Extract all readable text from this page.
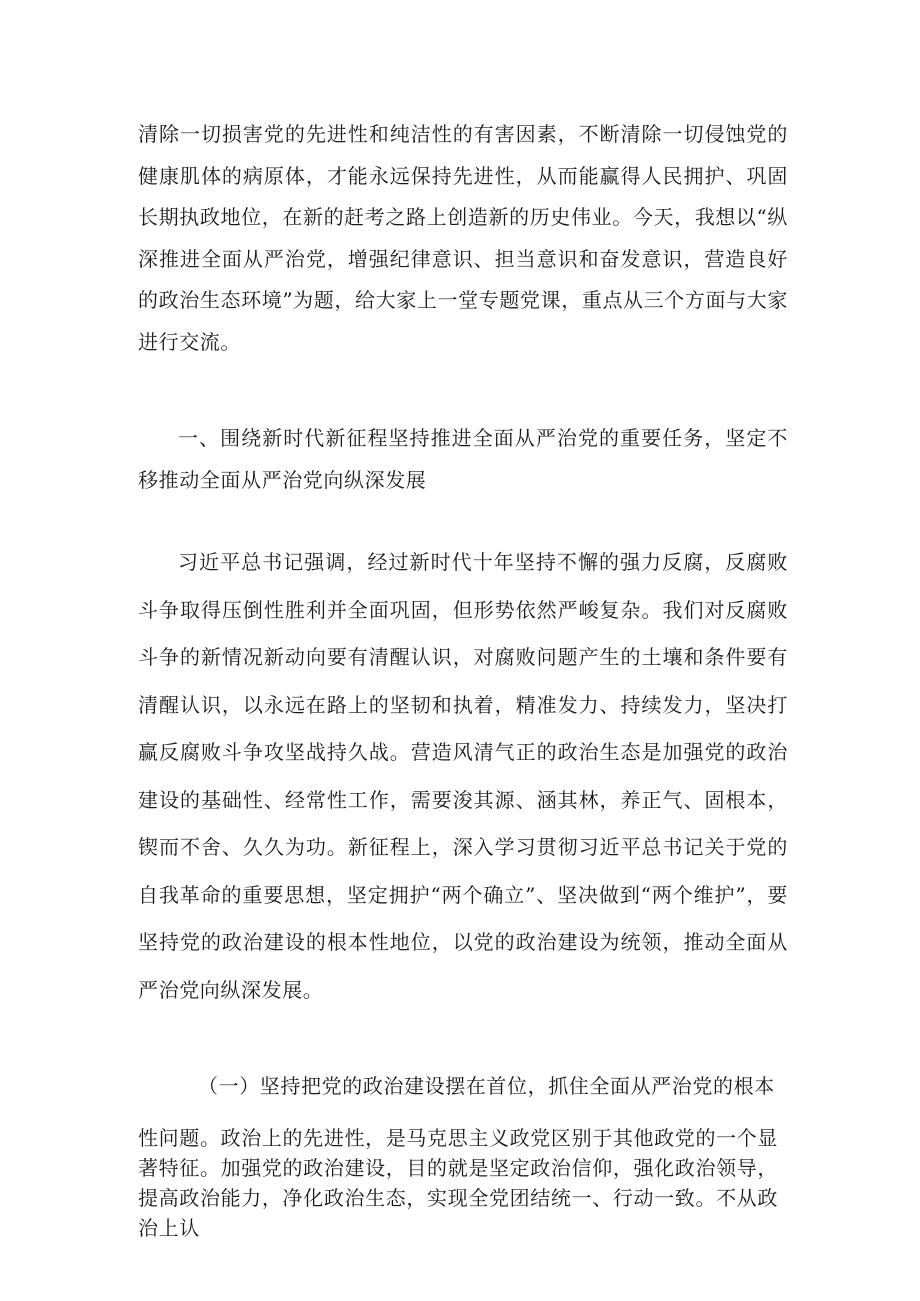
清除一切损害党的先进性和纯洁性的有害因素，不断清除一切侵蚀党的健康肌体的病原体，才能永远保持先进性，从而能赢得人民拥护、巩固长期执政地位，在新的赶考之路上创造新的历史伟业。今天，我想以“纵深推进全面从严治党，增强纪律意识、担当意识和奋发意识，营造良好的政治生态环境”为题，给大家上一堂专题党课，重点从三个方面与大家进行交流。

一、围绕新时代新征程坚持推进全面从严治党的重要任务，坚定不移推动全面从严治党向纵深发展

习近平总书记强调，经过新时代十年坚持不懈的强力反腐，反腐败斗争取得压倒性胜利并全面巩固，但形势依然严峻复杂。我们对反腐败斗争的新情况新动向要有清醒认识，对腐败问题产生的土壤和条件要有清醒认识，以永远在路上的坚韧和执着，精准发力、持续发力，坚决打赢反腐败斗争攻坚战持久战。营造风清气正的政治生态是加强党的政治建设的基础性、经常性工作，需要浚其源、涵其林，养正气、固根本，锲而不舍、久久为功。新征程上，深入学习贯彻习近平总书记关于党的自我革命的重要思想，坚定拥护“两个确立”、坚决做到“两个维护”，要坚持党的政治建设的根本性地位，以党的政治建设为统领，推动全面从严治党向纵深发展。

（一）坚持把党的政治建设摆在首位，抓住全面从严治党的根本

性问题。政治上的先进性，是马克思主义政党区别于其他政党的一个显著特征。加强党的政治建设，目的就是坚定政治信仰，强化政治领导，提高政治能力，净化政治生态，实现全党团结统一、行动一致。不从政治上认
